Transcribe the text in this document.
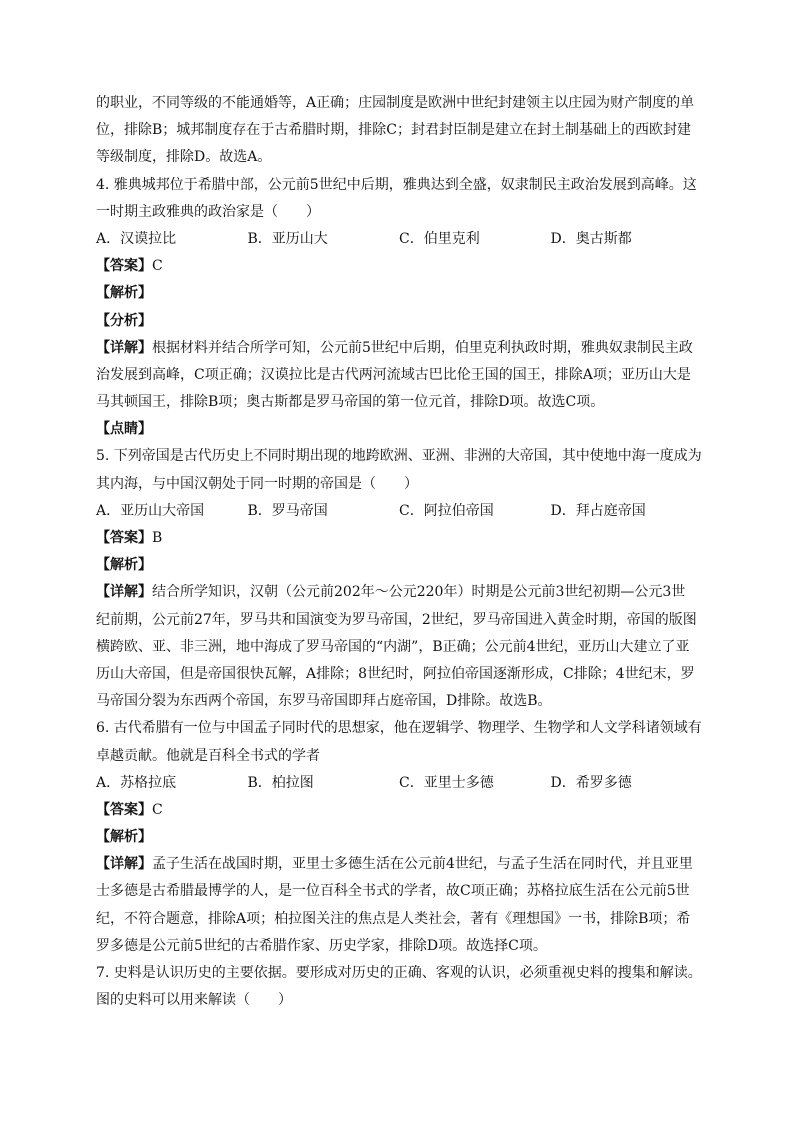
的职业，不同等级的不能通婚等，A正确；庄园制度是欧洲中世纪封建领主以庄园为财产制度的单
位，排除B；城邦制度存在于古希腊时期，排除C；封君封臣制是建立在封土制基础上的西欧封建
等级制度，排除D。故选A。
4. 雅典城邦位于希腊中部，公元前5世纪中后期，雅典达到全盛，奴隶制民主政治发展到高峰。这
一时期主政雅典的政治家是（　　）
A．汉谟拉比	B．亚历山大	C．伯里克利	D．奥古斯都
【答案】C
【解析】
【分析】
【详解】根据材料并结合所学可知，公元前5世纪中后期，伯里克利执政时期，雅典奴隶制民主政
治发展到高峰，C项正确；汉谟拉比是古代两河流域古巴比伦王国的国王，排除A项；亚历山大是
马其顿国王，排除B项；奥古斯都是罗马帝国的第一位元首，排除D项。故选C项。
【点睛】
5. 下列帝国是古代历史上不同时期出现的地跨欧洲、亚洲、非洲的大帝国，其中使地中海一度成为
其内海，与中国汉朝处于同一时期的帝国是（　　）
A．亚历山大帝国	B．罗马帝国	C．阿拉伯帝国	D．拜占庭帝国
【答案】B
【解析】
【详解】结合所学知识，汉朝（公元前202年～公元220年）时期是公元前3世纪初期—公元3世
纪前期，公元前27年，罗马共和国演变为罗马帝国，2世纪，罗马帝国进入黄金时期，帝国的版图
横跨欧、亚、非三洲，地中海成了罗马帝国的“内湖”，B正确；公元前4世纪，亚历山大建立了亚
历山大帝国，但是帝国很快瓦解，A排除；8世纪时，阿拉伯帝国逐渐形成，C排除；4世纪末，罗
马帝国分裂为东西两个帝国，东罗马帝国即拜占庭帝国，D排除。故选B。
6. 古代希腊有一位与中国孟子同时代的思想家，他在逻辑学、物理学、生物学和人文学科诸领域有
卓越贡献。他就是百科全书式的学者
A．苏格拉底	B．柏拉图	C．亚里士多德	D．希罗多德
【答案】C
【解析】
【详解】孟子生活在战国时期，亚里士多德生活在公元前4世纪，与孟子生活在同时代，并且亚里
士多德是古希腊最博学的人，是一位百科全书式的学者，故C项正确；苏格拉底生活在公元前5世
纪，不符合题意，排除A项；柏拉图关注的焦点是人类社会，著有《理想国》一书，排除B项；希
罗多德是公元前5世纪的古希腊作家、历史学家，排除D项。故选择C项。
7. 史料是认识历史的主要依据。要形成对历史的正确、客观的认识，必须重视史料的搜集和解读。
图的史料可以用来解读（　　）
